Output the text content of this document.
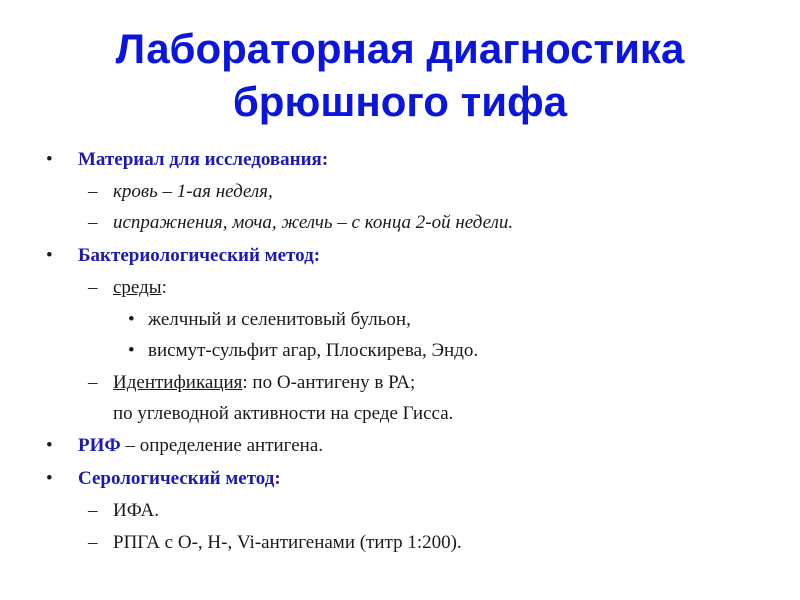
Лабораторная диагностика
брюшного тифа
• Материал для исследования:
– кровь – 1-ая неделя,
– испражнения, моча, желчь – с конца 2-ой недели.
• Бактериологический метод:
– среды:
• желчный и селенитовый бульон,
• висмут-сульфит агар, Плоскирева, Эндо.
– Идентификация: по О-антигену в РА;
по углеводной активности на среде Гисса.
• РИФ – определение антигена.
• Серологический метод:
– ИФА.
– РПГА с О-, Н-, Vi-антигенами (титр 1:200).
